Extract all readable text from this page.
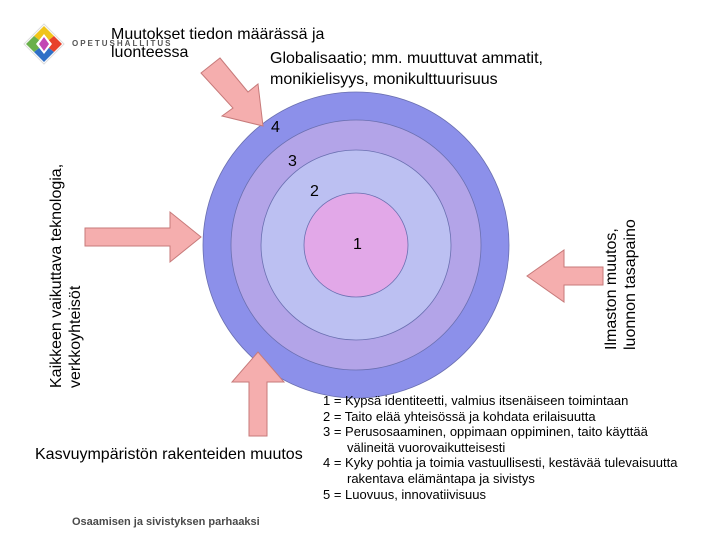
OPETUSHALLITUS
4
3
2
1
Muutokset tiedon määrässä ja
luonteessa	Globalisaatio; mm. muuttuvat ammatit,
monikielisyys, monikulttuurisuus
Kaikkeen vaikuttava teknologia, verkkoyhteisöt	Ilmaston muutos, luonnon tasapaino
Kasvuympäristön rakenteiden muutos
1 = Kypsä identiteetti, valmius itsenäiseen toimintaan
2 = Taito elää yhteisössä ja kohdata erilaisuutta
3 = Perusosaaminen, oppimaan oppiminen, taito käyttää
välineitä vuorovaikutteisesti
4 = Kyky pohtia ja toimia vastuullisesti, kestävää tulevaisuutta
rakentava elämäntapa ja sivistys
5 = Luovuus, innovatiivisuus
Osaamisen ja sivistyksen parhaaksi
